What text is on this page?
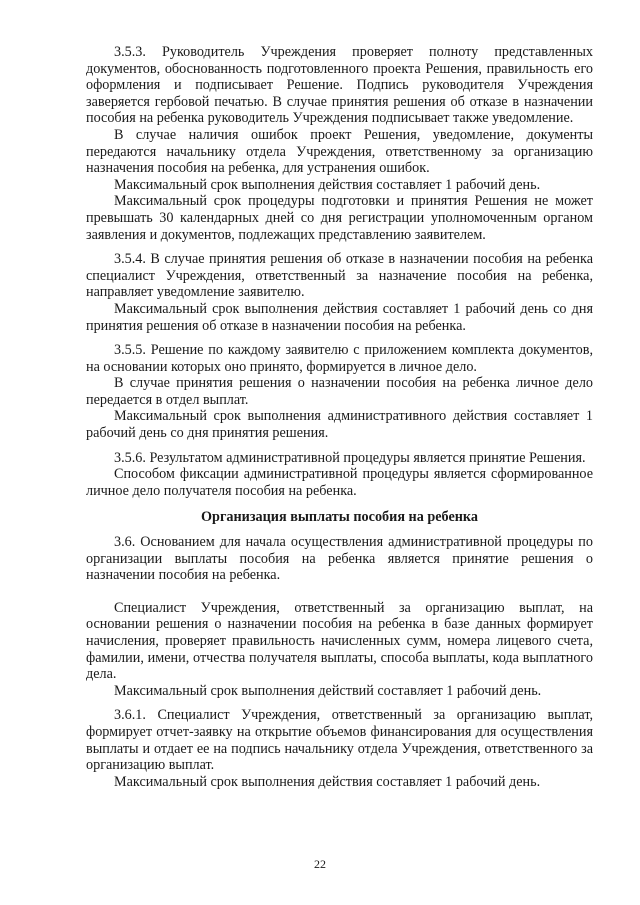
3.5.3. Руководитель Учреждения проверяет полноту представленных документов, обоснованность подготовленного проекта Решения, правильность его оформления и подписывает Решение. Подпись руководителя Учреждения заверяется гербовой печатью. В случае принятия решения об отказе в назначении пособия на ребенка руководитель Учреждения подписывает также уведомление.

В случае наличия ошибок проект Решения, уведомление, документы передаются начальнику отдела Учреждения, ответственному за организацию назначения пособия на ребенка, для устранения ошибок.

Максимальный срок выполнения действия составляет 1 рабочий день.

Максимальный срок процедуры подготовки и принятия Решения не может превышать 30 календарных дней со дня регистрации уполномоченным органом заявления и документов, подлежащих представлению заявителем.

3.5.4. В случае принятия решения об отказе в назначении пособия на ребенка специалист Учреждения, ответственный за назначение пособия на ребенка, направляет уведомление заявителю.

Максимальный срок выполнения действия составляет 1 рабочий день со дня принятия решения об отказе в назначении пособия на ребенка.

3.5.5. Решение по каждому заявителю с приложением комплекта документов, на основании которых оно принято, формируется в личное дело.

В случае принятия решения о назначении пособия на ребенка личное дело передается в отдел выплат.

Максимальный срок выполнения административного действия составляет 1 рабочий день со дня принятия решения.

3.5.6. Результатом административной процедуры является принятие Решения.

Способом фиксации административной процедуры является сформированное личное дело получателя пособия на ребенка.

Организация выплаты пособия на ребенка

3.6. Основанием для начала осуществления административной процедуры по организации выплаты пособия на ребенка является принятие решения о назначении пособия на ребенка.

Специалист Учреждения, ответственный за организацию выплат, на основании решения о назначении пособия на ребенка в базе данных формирует начисления, проверяет правильность начисленных сумм, номера лицевого счета, фамилии, имени, отчества получателя выплаты, способа выплаты, кода выплатного дела.

Максимальный срок выполнения действий составляет 1 рабочий день.

3.6.1. Специалист Учреждения, ответственный за организацию выплат, формирует отчет-заявку на открытие объемов финансирования для осуществления выплаты и отдает ее на подпись начальнику отдела Учреждения, ответственного за организацию выплат.

Максимальный срок выполнения действия составляет 1 рабочий день.

22
